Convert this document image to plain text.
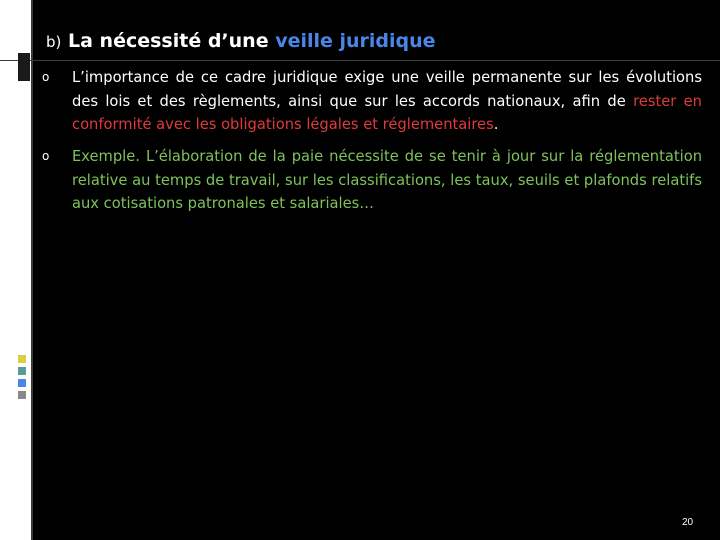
b) La nécessité d’une veille juridique
o L’importance de ce cadre juridique exige une veille permanente sur les évolutions des lois et des règlements, ainsi que sur les accords nationaux, afin de rester en conformité avec les obligations légales et réglementaires.
o Exemple. L’élaboration de la paie nécessite de se tenir à jour sur la réglementation relative au temps de travail, sur les classifications, les taux, seuils et plafonds relatifs aux cotisations patronales et salariales…
20
